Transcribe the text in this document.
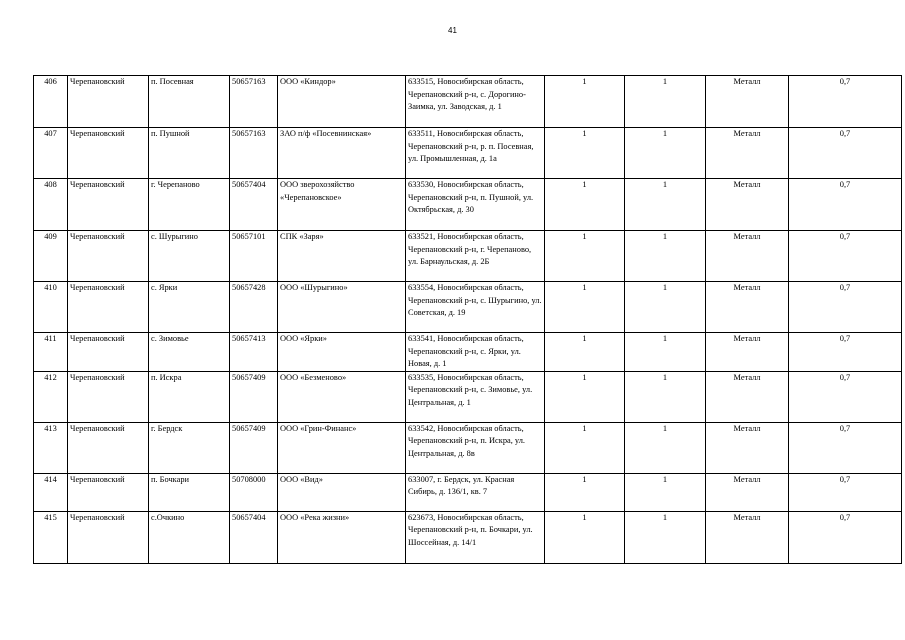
41
406	Черепановский	п. Посевная	50657163	ООО «Киндор»	633515, Новосибирская область, Черепановский р-н, с. Дорогино-Заимка, ул. Заводская, д. 1	1	1	Металл	0,7
407	Черепановский	п. Пушной	50657163	ЗАО п/ф «Посевнинская»	633511, Новосибирская область, Черепановский р-н, р. п. Посевная, ул. Промышленная, д. 1а	1	1	Металл	0,7
408	Черепановский	г. Черепаново	50657404	ООО зверохозяйство «Черепановское»	633530, Новосибирская область, Черепановский р-н, п. Пушной, ул. Октябрьская, д. 30	1	1	Металл	0,7
409	Черепановский	с. Шурыгино	50657101	СПК «Заря»	633521, Новосибирская область, Черепановский р-н, г. Черепаново, ул. Барнаульская, д. 2Б	1	1	Металл	0,7
410	Черепановский	с. Ярки	50657428	ООО «Шурыгино»	633554, Новосибирская область, Черепановский р-н, с. Шурыгино, ул. Советская, д. 19	1	1	Металл	0,7
411	Черепановский	с. Зимовье	50657413	ООО «Ярки»	633541, Новосибирская область, Черепановский р-н, с. Ярки, ул. Новая, д. 1	1	1	Металл	0,7
412	Черепановский	п. Искра	50657409	ООО «Безменово»	633535, Новосибирская область, Черепановский р-н, с. Зимовье, ул. Центральная, д. 1	1	1	Металл	0,7
413	Черепановский	г. Бердск	50657409	ООО «Грин-Финанс»	633542, Новосибирская область, Черепановский р-н, п. Искра, ул. Центральная, д. 8в	1	1	Металл	0,7
414	Черепановский	п. Бочкари	50708000	ООО «Вид»	633007, г. Бердск, ул. Красная Сибирь, д. 136/1, кв. 7	1	1	Металл	0,7
415	Черепановский	с.Очкино	50657404	ООО «Река жизни»	623673, Новосибирская область, Черепановский р-н, п. Бочкари, ул. Шоссейная, д. 14/1	1	1	Металл	0,7
